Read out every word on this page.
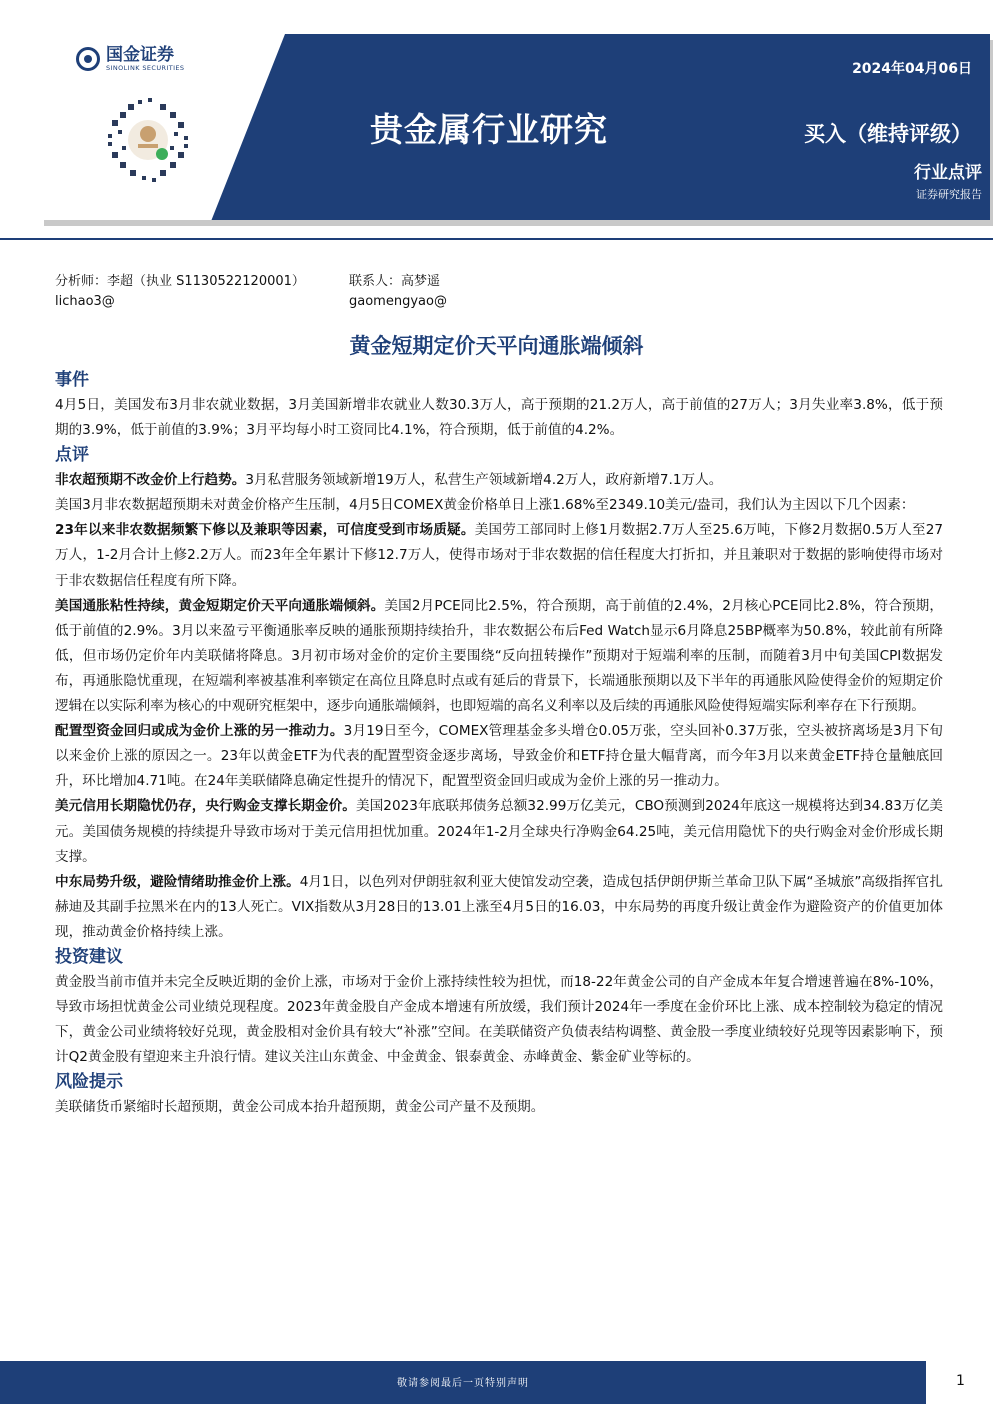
国金证券
SINOLINK SECURITIES
贵金属行业研究
2024年04月06日
买入（维持评级）
行业点评
证券研究报告
分析师：李超（执业 S1130522120001）
lichao3@
联系人：高梦遥
gaomengyao@
黄金短期定价天平向通胀端倾斜
事件

4月5日，美国发布3月非农就业数据，3月美国新增非农就业人数30.3万人，高于预期的21.2万人，高于前值的27万人；3月失业率3.8%，低于预期的3.9%，低于前值的3.9%；3月平均每小时工资同比4.1%，符合预期，低于前值的4.2%。

点评

非农超预期不改金价上行趋势。3月私营服务领域新增19万人，私营生产领域新增4.2万人，政府新增7.1万人。

美国3月非农数据超预期未对黄金价格产生压制，4月5日COMEX黄金价格单日上涨1.68%至2349.10美元/盎司，我们认为主因以下几个因素：

23年以来非农数据频繁下修以及兼职等因素，可信度受到市场质疑。美国劳工部同时上修1月数据2.7万人至25.6万吨，下修2月数据0.5万人至27万人，1-2月合计上修2.2万人。而23年全年累计下修12.7万人，使得市场对于非农数据的信任程度大打折扣，并且兼职对于数据的影响使得市场对于非农数据信任程度有所下降。

美国通胀粘性持续，黄金短期定价天平向通胀端倾斜。美国2月PCE同比2.5%，符合预期，高于前值的2.4%，2月核心PCE同比2.8%，符合预期，低于前值的2.9%。3月以来盈亏平衡通胀率反映的通胀预期持续抬升，非农数据公布后Fed Watch显示6月降息25BP概率为50.8%，较此前有所降低，但市场仍定价年内美联储将降息。3月初市场对金价的定价主要围绕“反向扭转操作”预期对于短端利率的压制，而随着3月中旬美国CPI数据发布，再通胀隐忧重现，在短端利率被基准利率锁定在高位且降息时点或有延后的背景下，长端通胀预期以及下半年的再通胀风险使得金价的短期定价逻辑在以实际利率为核心的中观研究框架中，逐步向通胀端倾斜，也即短端的高名义利率以及后续的再通胀风险使得短端实际利率存在下行预期。

配置型资金回归或成为金价上涨的另一推动力。3月19日至今，COMEX管理基金多头增仓0.05万张，空头回补0.37万张，空头被挤离场是3月下旬以来金价上涨的原因之一。23年以黄金ETF为代表的配置型资金逐步离场，导致金价和ETF持仓量大幅背离，而今年3月以来黄金ETF持仓量触底回升，环比增加4.71吨。在24年美联储降息确定性提升的情况下，配置型资金回归或成为金价上涨的另一推动力。

美元信用长期隐忧仍存，央行购金支撑长期金价。美国2023年底联邦债务总额32.99万亿美元，CBO预测到2024年底这一规模将达到34.83万亿美元。美国债务规模的持续提升导致市场对于美元信用担忧加重。2024年1-2月全球央行净购金64.25吨，美元信用隐忧下的央行购金对金价形成长期支撑。

中东局势升级，避险情绪助推金价上涨。4月1日，以色列对伊朗驻叙利亚大使馆发动空袭，造成包括伊朗伊斯兰革命卫队下属“圣城旅”高级指挥官扎赫迪及其副手拉黑米在内的13人死亡。VIX指数从3月28日的13.01上涨至4月5日的16.03，中东局势的再度升级让黄金作为避险资产的价值更加体现，推动黄金价格持续上涨。

投资建议

黄金股当前市值并未完全反映近期的金价上涨，市场对于金价上涨持续性较为担忧，而18-22年黄金公司的自产金成本年复合增速普遍在8%-10%，导致市场担忧黄金公司业绩兑现程度。2023年黄金股自产金成本增速有所放缓，我们预计2024年一季度在金价环比上涨、成本控制较为稳定的情况下，黄金公司业绩将较好兑现，黄金股相对金价具有较大“补涨”空间。在美联储资产负债表结构调整、黄金股一季度业绩较好兑现等因素影响下，预计Q2黄金股有望迎来主升浪行情。建议关注山东黄金、中金黄金、银泰黄金、赤峰黄金、紫金矿业等标的。

风险提示

美联储货币紧缩时长超预期，黄金公司成本抬升超预期，黄金公司产量不及预期。

敬请参阅最后一页特别声明	1
